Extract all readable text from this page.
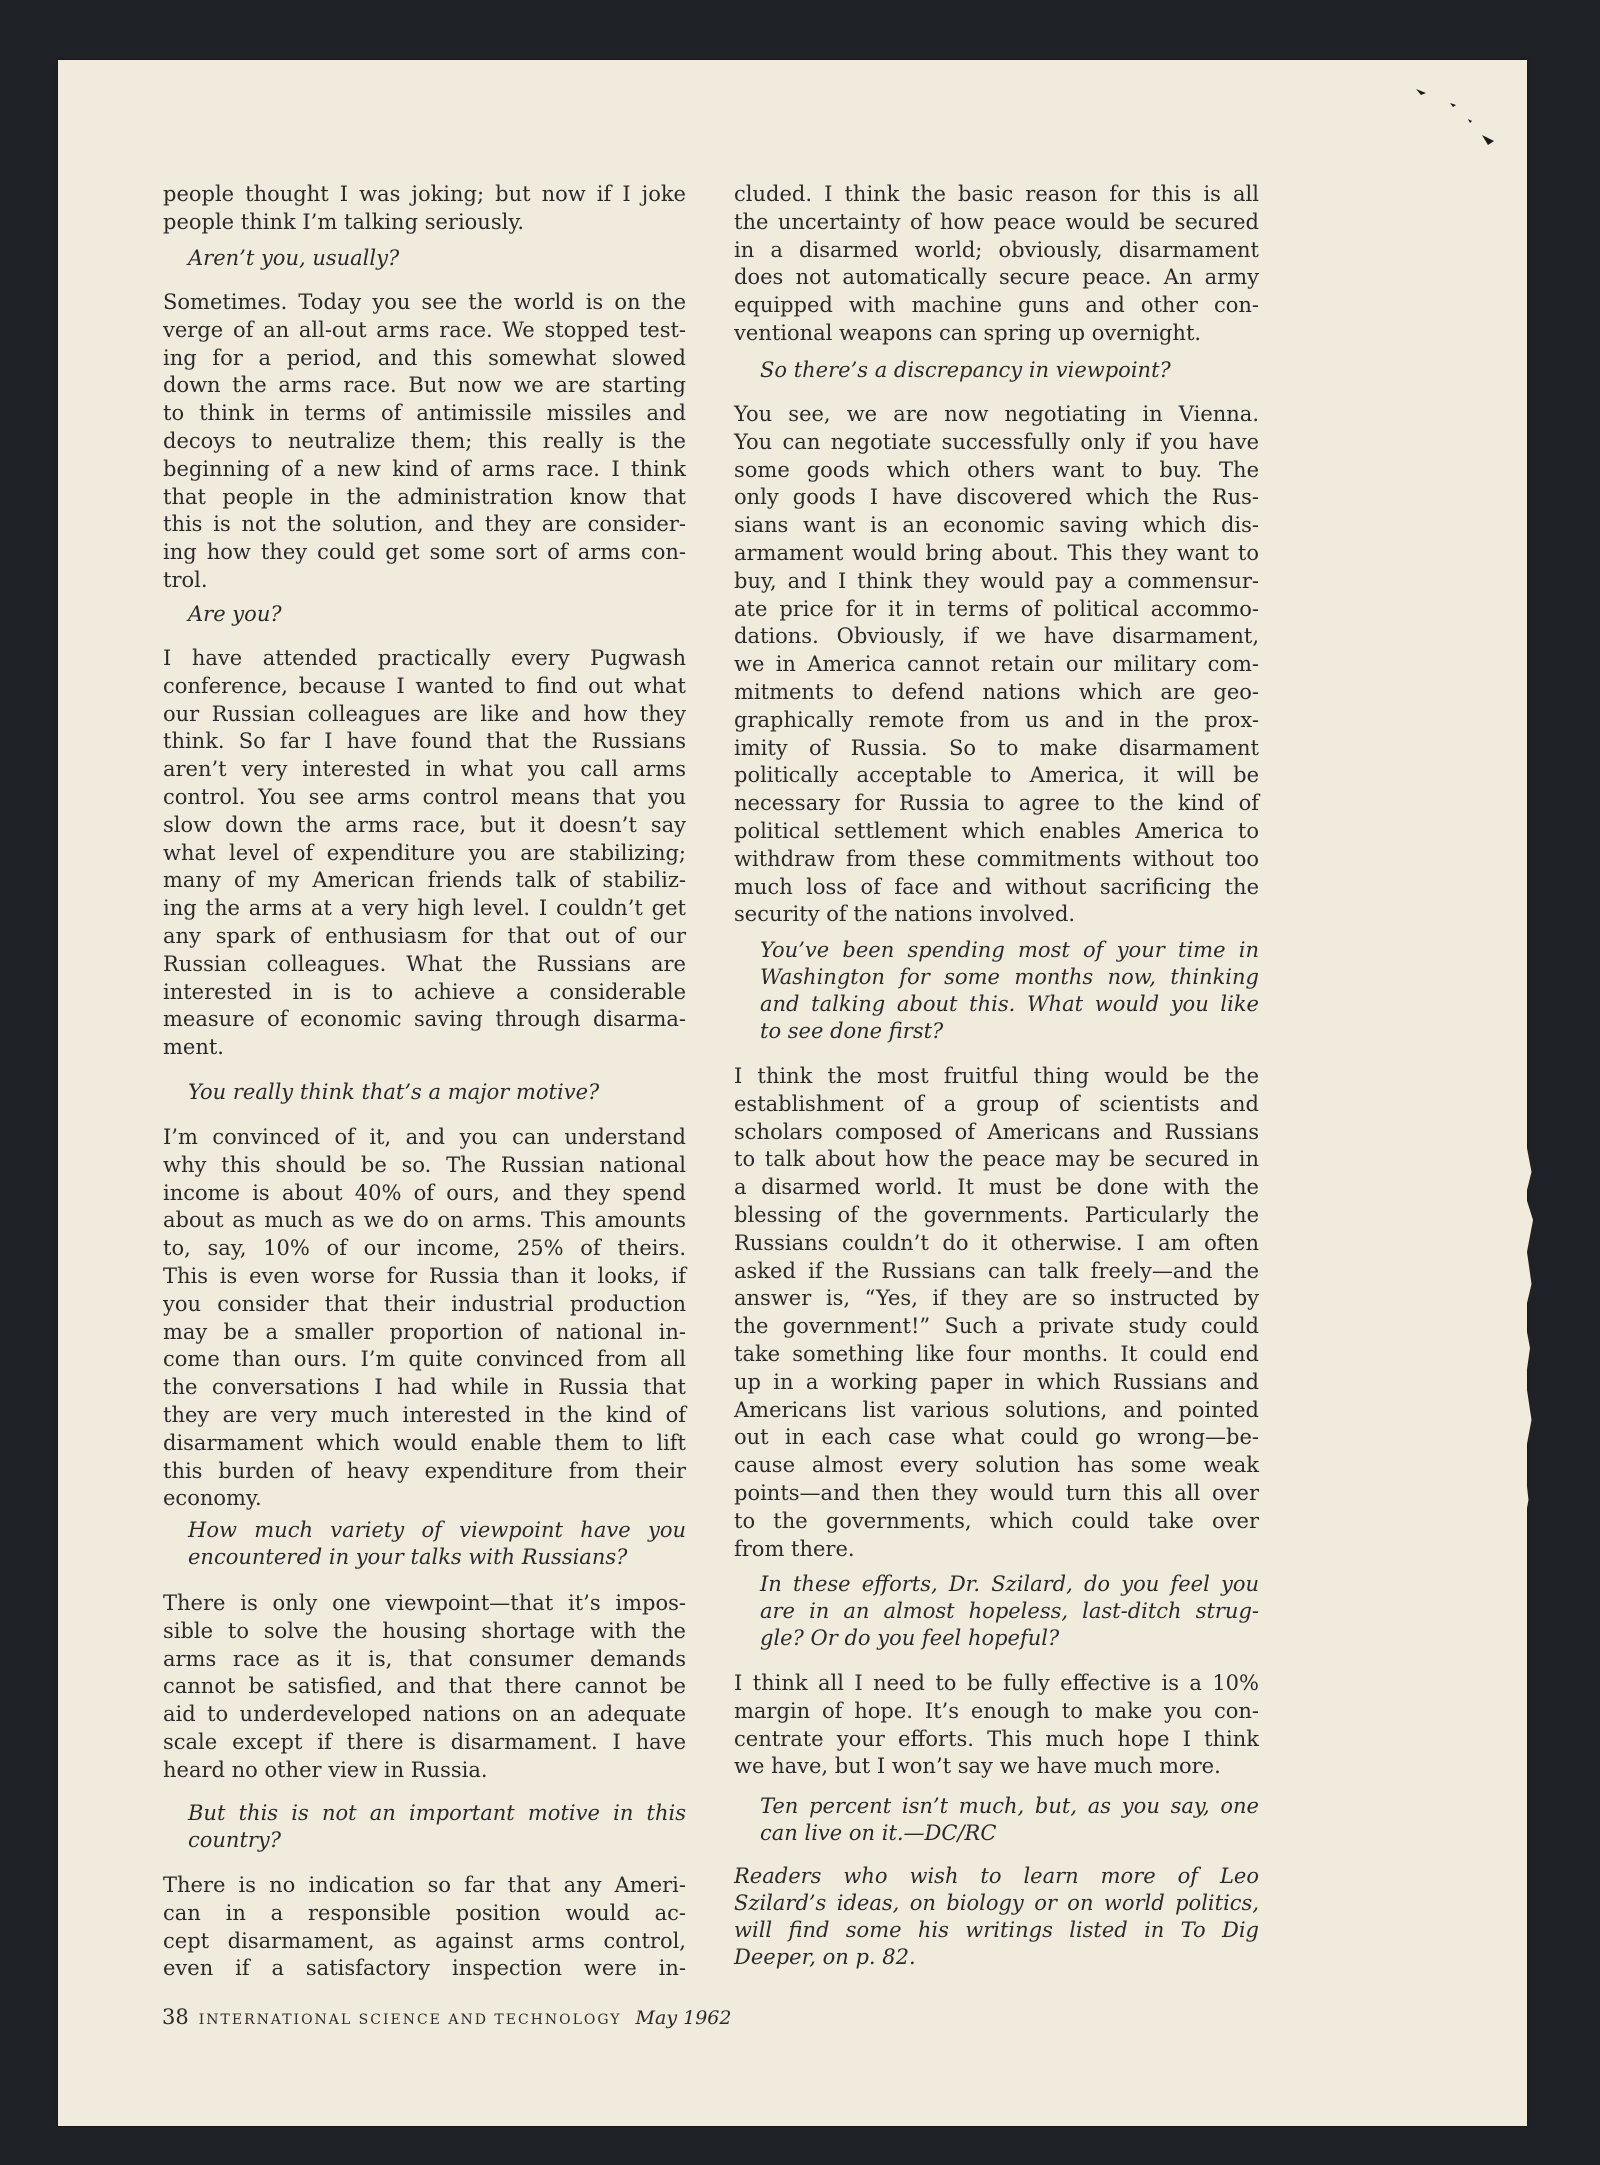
people thought I was joking; but now if I joke
people think I’m talking seriously.
Aren’t you, usually?
Sometimes. Today you see the world is on the
verge of an all-out arms race. We stopped test-
ing for a period, and this somewhat slowed
down the arms race. But now we are starting
to think in terms of antimissile missiles and
decoys to neutralize them; this really is the
beginning of a new kind of arms race. I think
that people in the administration know that
this is not the solution, and they are consider-
ing how they could get some sort of arms con-
trol.
Are you?
I have attended practically every Pugwash
conference, because I wanted to find out what
our Russian colleagues are like and how they
think. So far I have found that the Russians
aren’t very interested in what you call arms
control. You see arms control means that you
slow down the arms race, but it doesn’t say
what level of expenditure you are stabilizing;
many of my American friends talk of stabiliz-
ing the arms at a very high level. I couldn’t get
any spark of enthusiasm for that out of our
Russian colleagues. What the Russians are
interested in is to achieve a considerable
measure of economic saving through disarma-
ment.
You really think that’s a major motive?
I’m convinced of it, and you can understand
why this should be so. The Russian national
income is about 40% of ours, and they spend
about as much as we do on arms. This amounts
to, say, 10% of our income, 25% of theirs.
This is even worse for Russia than it looks, if
you consider that their industrial production
may be a smaller proportion of national in-
come than ours. I’m quite convinced from all
the conversations I had while in Russia that
they are very much interested in the kind of
disarmament which would enable them to lift
this burden of heavy expenditure from their
economy.
How much variety of viewpoint have you
encountered in your talks with Russians?
There is only one viewpoint—that it’s impos-
sible to solve the housing shortage with the
arms race as it is, that consumer demands
cannot be satisfied, and that there cannot be
aid to underdeveloped nations on an adequate
scale except if there is disarmament. I have
heard no other view in Russia.
But this is not an important motive in this
country?
There is no indication so far that any Ameri-
can in a responsible position would ac-
cept disarmament, as against arms control,
even if a satisfactory inspection were in-
cluded. I think the basic reason for this is all
the uncertainty of how peace would be secured
in a disarmed world; obviously, disarmament
does not automatically secure peace. An army
equipped with machine guns and other con-
ventional weapons can spring up overnight.
So there’s a discrepancy in viewpoint?
You see, we are now negotiating in Vienna.
You can negotiate successfully only if you have
some goods which others want to buy. The
only goods I have discovered which the Rus-
sians want is an economic saving which dis-
armament would bring about. This they want to
buy, and I think they would pay a commensur-
ate price for it in terms of political accommo-
dations. Obviously, if we have disarmament,
we in America cannot retain our military com-
mitments to defend nations which are geo-
graphically remote from us and in the prox-
imity of Russia. So to make disarmament
politically acceptable to America, it will be
necessary for Russia to agree to the kind of
political settlement which enables America to
withdraw from these commitments without too
much loss of face and without sacrificing the
security of the nations involved.
You’ve been spending most of your time in
Washington for some months now, thinking
and talking about this. What would you like
to see done first?
I think the most fruitful thing would be the
establishment of a group of scientists and
scholars composed of Americans and Russians
to talk about how the peace may be secured in
a disarmed world. It must be done with the
blessing of the governments. Particularly the
Russians couldn’t do it otherwise. I am often
asked if the Russians can talk freely—and the
answer is, “Yes, if they are so instructed by
the government!” Such a private study could
take something like four months. It could end
up in a working paper in which Russians and
Americans list various solutions, and pointed
out in each case what could go wrong—be-
cause almost every solution has some weak
points—and then they would turn this all over
to the governments, which could take over
from there.
In these efforts, Dr. Szilard, do you feel you
are in an almost hopeless, last-ditch strug-
gle? Or do you feel hopeful?
I think all I need to be fully effective is a 10%
margin of hope. It’s enough to make you con-
centrate your efforts. This much hope I think
we have, but I won’t say we have much more.
Ten percent isn’t much, but, as you say, one
can live on it.—DC/RC
Readers who wish to learn more of Leo
Szilard’s ideas, on biology or on world politics,
will find some his writings listed in To Dig
Deeper, on p. 82.
38 INTERNATIONAL SCIENCE AND TECHNOLOGY May 1962
